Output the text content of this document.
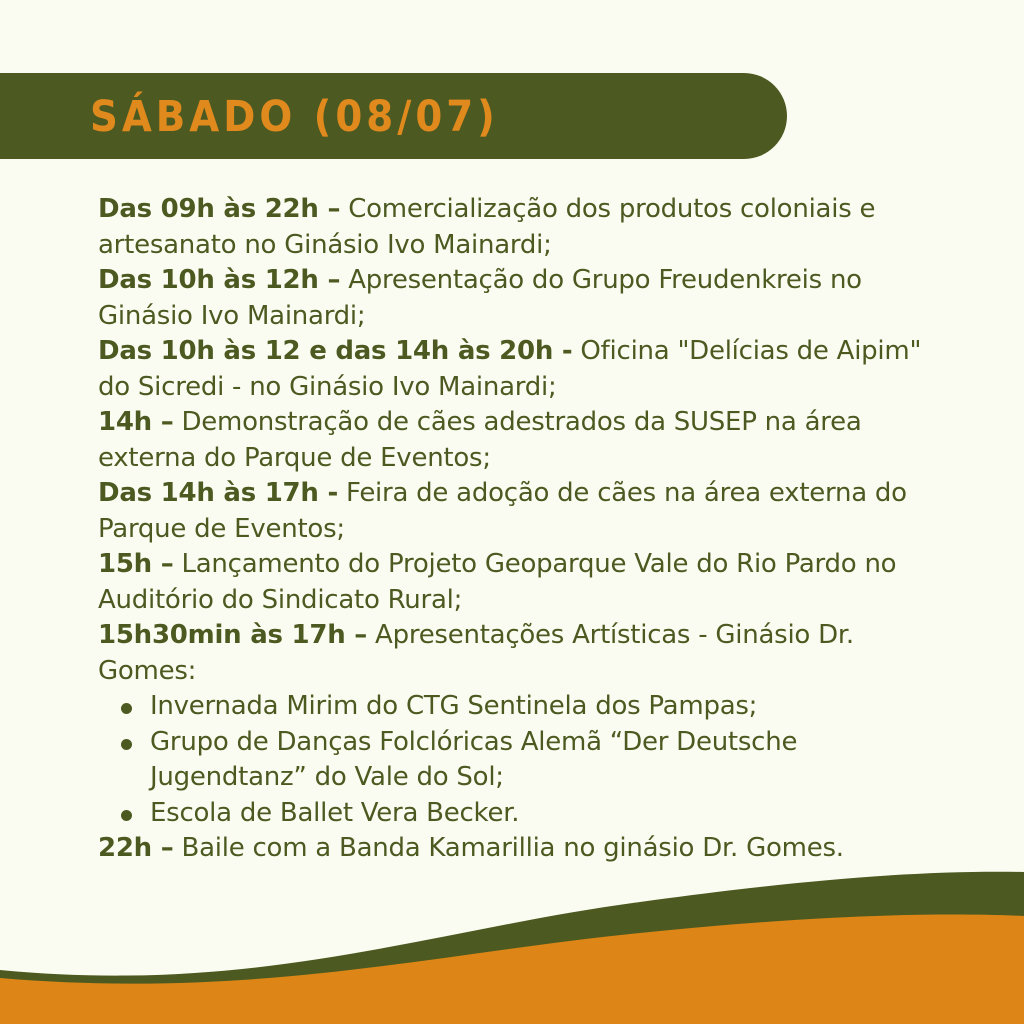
SÁBADO (08/07)

Das 09h às 22h – Comercialização dos produtos coloniais e artesanato no Ginásio Ivo Mainardi;

Das 10h às 12h – Apresentação do Grupo Freudenkreis no Ginásio Ivo Mainardi;

Das 10h às 12 e das 14h às 20h - Oficina "Delícias de Aipim" do Sicredi - no Ginásio Ivo Mainardi;

14h – Demonstração de cães adestrados da SUSEP na área externa do Parque de Eventos;

Das 14h às 17h - Feira de adoção de cães na área externa do Parque de Eventos;

15h – Lançamento do Projeto Geoparque Vale do Rio Pardo no Auditório do Sindicato Rural;

15h30min às 17h – Apresentações Artísticas - Ginásio Dr. Gomes:

Invernada Mirim do CTG Sentinela dos Pampas;
Grupo de Danças Folclóricas Alemã “Der Deutsche Jugendtanz” do Vale do Sol;
Escola de Ballet Vera Becker.

22h – Baile com a Banda Kamarillia no ginásio Dr. Gomes.
